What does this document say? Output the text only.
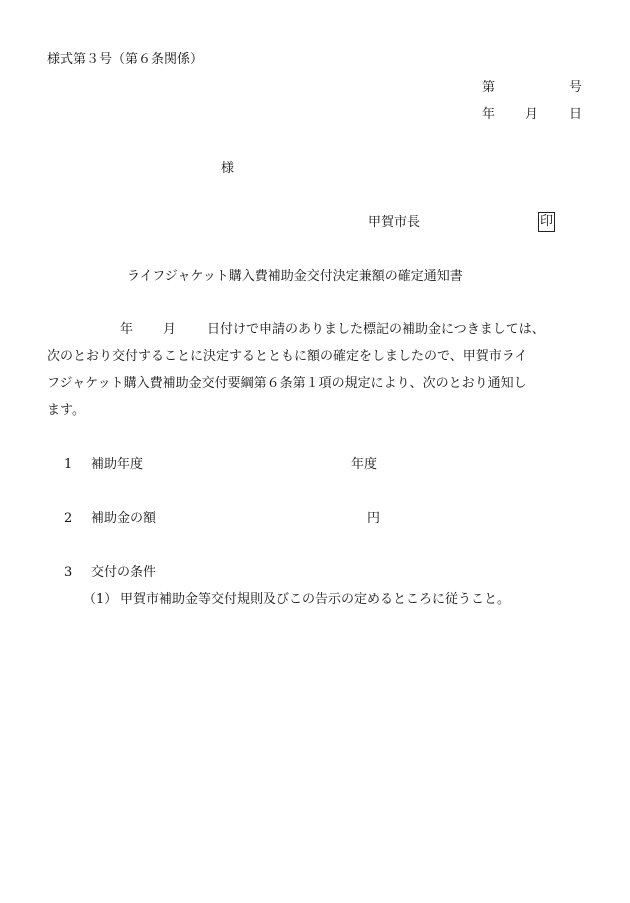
様式第３号（第６条関係）
第	号
年 月 日
様
甲賀市長	印
ライフジャケット購入費補助金交付決定兼額の確定通知書
年 月 日付けで申請のありました標記の補助金につきましては、
次のとおり交付することに決定するとともに額の確定をしましたので、甲賀市ライ
フジャケット購入費補助金交付要綱第６条第１項の規定により、次のとおり通知し
ます。
1 補助年度	年度
2 補助金の額	円
3 交付の条件
（1） 甲賀市補助金等交付規則及びこの告示の定めるところに従うこと。
